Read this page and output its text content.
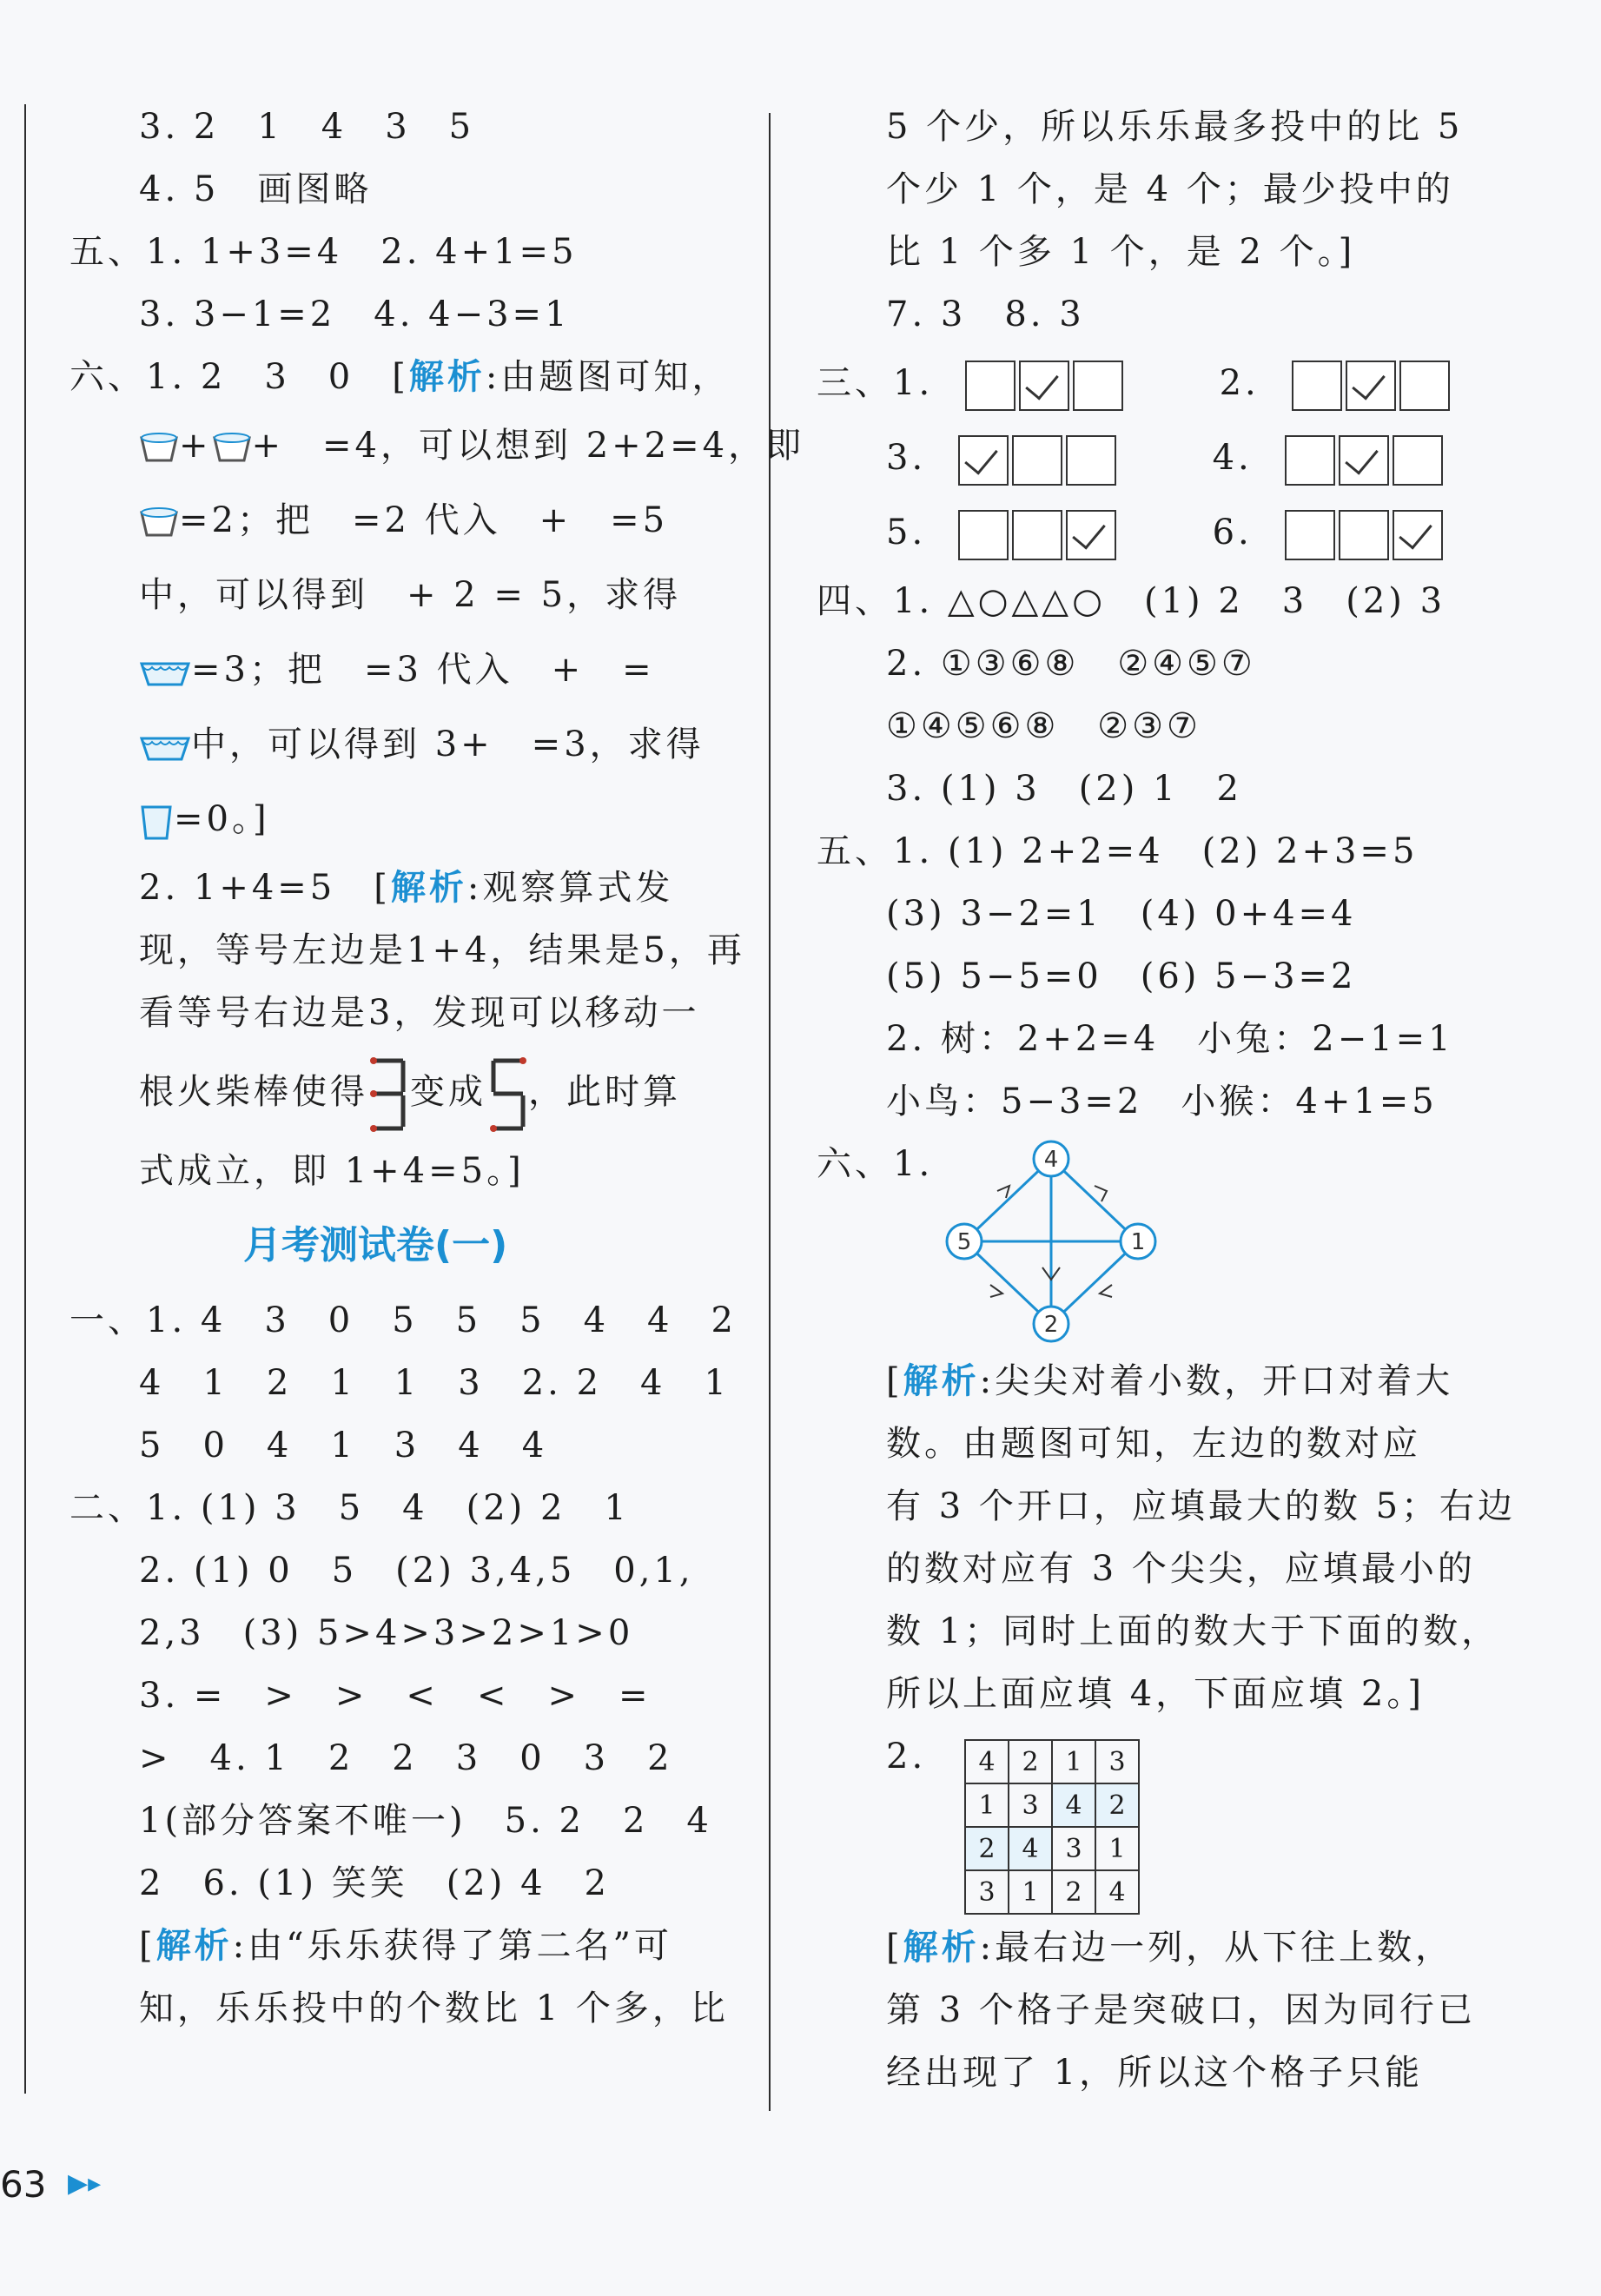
3. 2　1　4　3　5
4. 5　画图略
五、1. 1+3=4　2. 4+1=5
3. 3−1=2　4. 4−3=1
六、1. 2　3　0　[解析:由题图可知，
+ +　=4，可以想到 2+2=4，即
=2；把　=2 代入　+　=5
中，可以得到　+ 2 = 5，求得
=3；把　=3 代入　+　=
中，可以得到 3+　=3，求得
=0。]
2. 1+4=5　[解析:观察算式发
现，等号左边是1+4，结果是5，再
看等号右边是3，发现可以移动一
根火柴棒使得 变成 ，此时算
式成立，即 1+4=5。]
月考测试卷(一)
一、1. 4　3　0　5　5　5　4　4　2
4　1　2　1　1　3　2. 2　4　1
5　0　4　1　3　4　4
二、1. (1) 3　5　4　(2) 2　1
2. (1) 0　5　(2) 3,4,5　0,1,
2,3　(3) 5>4>3>2>1>0
3. =　>　>　<　<　>　=
>　4. 1　2　2　3　0　3　2
1(部分答案不唯一)　5. 2　2　4
2　6. (1) 笑笑　(2) 4　2
[解析:由“乐乐获得了第二名”可
知，乐乐投中的个数比 1 个多，比
5 个少，所以乐乐最多投中的比 5
个少 1 个，是 4 个；最少投中的
比 1 个多 1 个，是 2 个。]
7. 3　8. 3
三、1.	2.
3.	4.
5.	6.
四、1. △○△△○　(1) 2　3　(2) 3
2. ①③⑥⑧　②④⑤⑦
①④⑤⑥⑧　②③⑦
3. (1) 3　(2) 1　2
五、1. (1) 2+2=4　(2) 2+3=5
(3) 3−2=1　(4) 0+4=4
(5) 5−5=0　(6) 5−3=2
2. 树：2+2=4　小兔：2−1=1
小鸟：5−3=2　小猴：4+1=5
六、1.	4
5	1
2
[解析:尖尖对着小数，开口对着大
数。由题图可知，左边的数对应
有 3 个开口，应填最大的数 5；右边
的数对应有 3 个尖尖，应填最小的
数 1；同时上面的数大于下面的数，
所以上面应填 4，下面应填 2。]
2. 4	2	1	3
1	3	4	2
2	4	3	1
3	1	2	4
[解析:最右边一列，从下往上数，
第 3 个格子是突破口，因为同行已
经出现了 1，所以这个格子只能
63 ▶▸
